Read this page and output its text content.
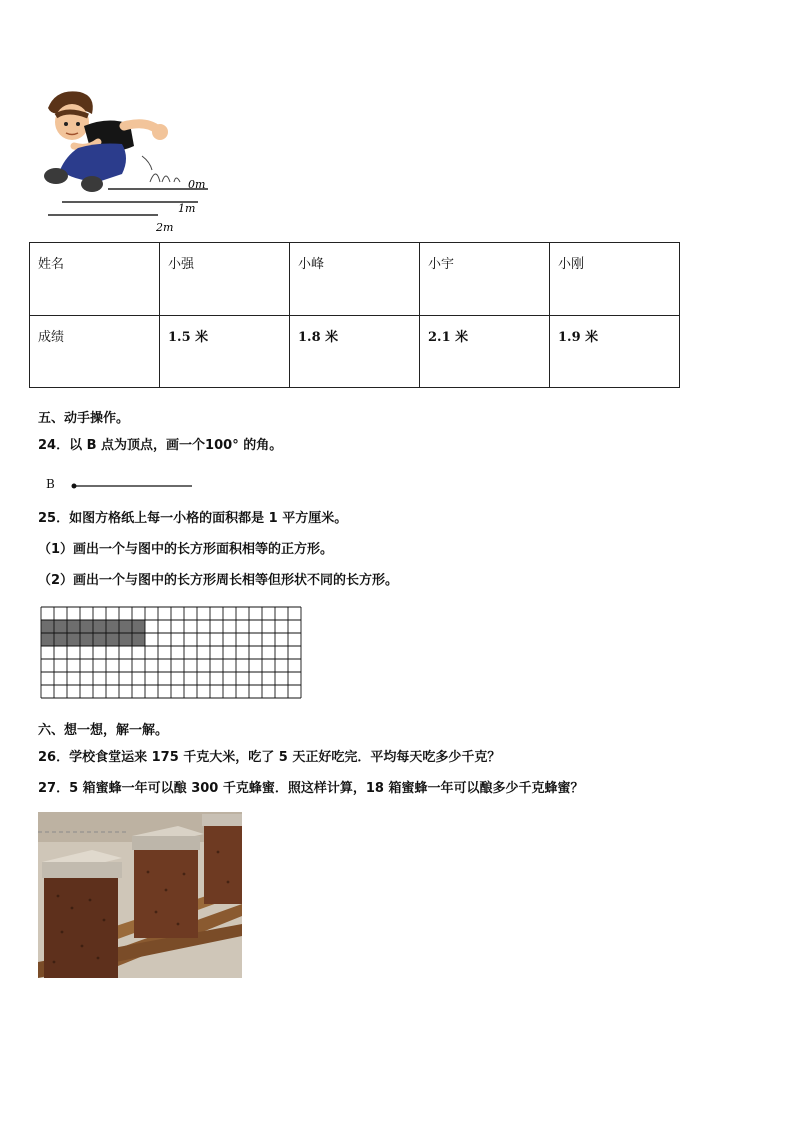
0m
1m
2m
姓名	小强	小峰	小宇	小刚
成绩	1.5 米	1.8 米	2.1 米	1.9 米
五、动手操作。
24．以 B 点为顶点，画一个100° 的角。
B
25．如图方格纸上每一小格的面积都是 1 平方厘米。
（1）画出一个与图中的长方形面积相等的正方形。
（2）画出一个与图中的长方形周长相等但形状不同的长方形。
六、想一想，解一解。
26．学校食堂运来 175 千克大米，吃了 5 天正好吃完．平均每天吃多少千克？
27．5 箱蜜蜂一年可以酿 300 千克蜂蜜．照这样计算，18 箱蜜蜂一年可以酿多少千克蜂蜜？
